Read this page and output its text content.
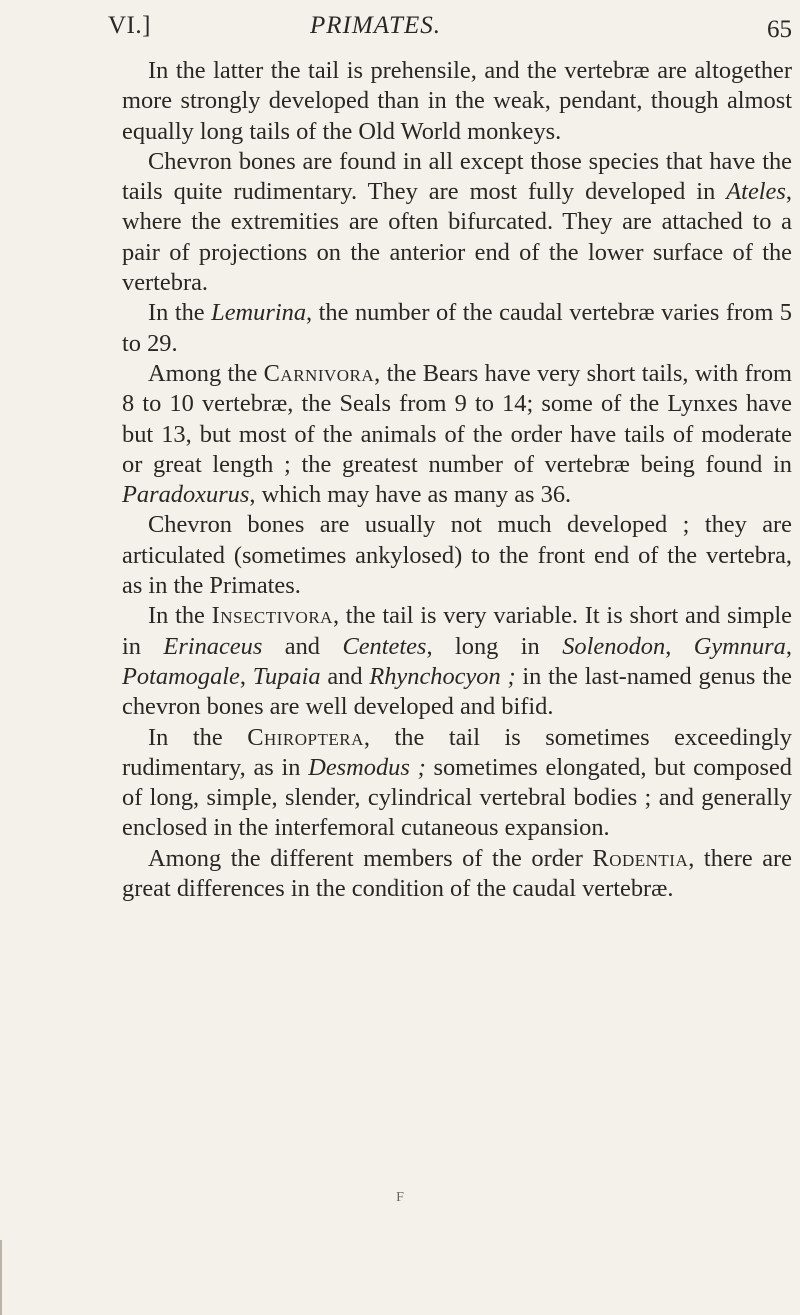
VI.]	PRIMATES.	65

In the latter the tail is prehensile, and the vertebræ are altogether more strongly developed than in the weak, pendant, though almost equally long tails of the Old World monkeys.

Chevron bones are found in all except those species that have the tails quite rudimentary. They are most fully developed in Ateles, where the extremities are often bifurcated. They are attached to a pair of projections on the anterior end of the lower surface of the vertebra.

In the Lemurina, the number of the caudal vertebræ varies from 5 to 29.

Among the Carnivora, the Bears have very short tails, with from 8 to 10 vertebræ, the Seals from 9 to 14; some of the Lynxes have but 13, but most of the animals of the order have tails of moderate or great length ; the greatest number of vertebræ being found in Paradoxurus, which may have as many as 36.

Chevron bones are usually not much developed ; they are articulated (sometimes ankylosed) to the front end of the vertebra, as in the Primates.

In the Insectivora, the tail is very variable. It is short and simple in Erinaceus and Centetes, long in Solenodon, Gymnura, Potamogale, Tupaia and Rhynchocyon ; in the last-named genus the chevron bones are well developed and bifid.

In the Chiroptera, the tail is sometimes exceedingly rudimentary, as in Desmodus ; sometimes elongated, but composed of long, simple, slender, cylindrical vertebral bodies ; and generally enclosed in the interfemoral cutaneous expansion.

Among the different members of the order Rodentia, there are great differences in the condition of the caudal vertebræ.

F
